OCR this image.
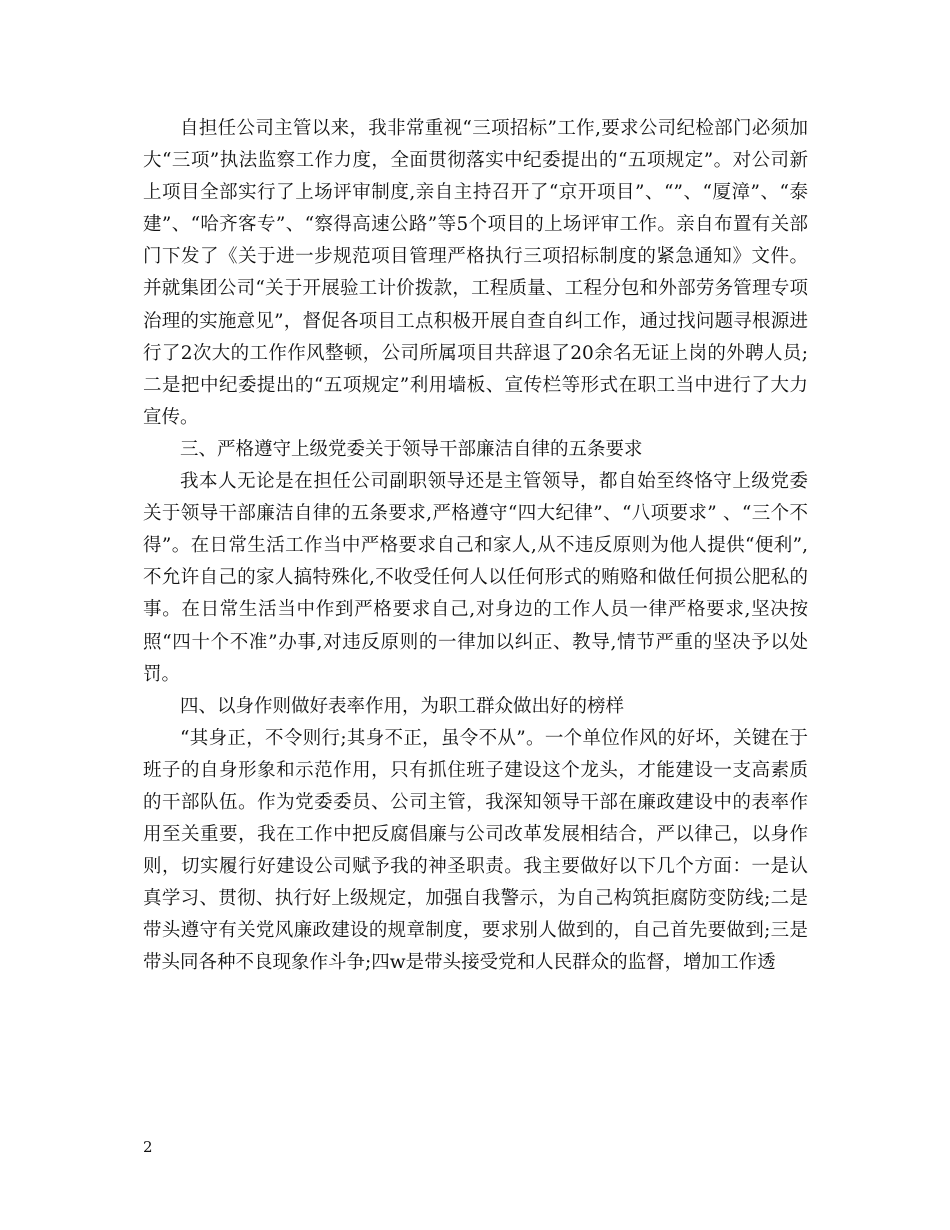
自担任公司主管以来，我非常重视“三项招标”工作,要求公司纪检部门必须加大“三项”执法监察工作力度，全面贯彻落实中纪委提出的“五项规定”。对公司新上项目全部实行了上场评审制度,亲自主持召开了“京开项目”、“”、“厦漳”、“泰建”、“哈齐客专”、“察得高速公路”等5个项目的上场评审工作。亲自布置有关部门下发了《关于进一步规范项目管理严格执行三项招标制度的紧急通知》文件。并就集团公司“关于开展验工计价拨款，工程质量、工程分包和外部劳务管理专项治理的实施意见”，督促各项目工点积极开展自查自纠工作，通过找问题寻根源进行了2次大的工作作风整顿，公司所属项目共辞退了20余名无证上岗的外聘人员;二是把中纪委提出的“五项规定”利用墙板、宣传栏等形式在职工当中进行了大力宣传。

三、严格遵守上级党委关于领导干部廉洁自律的五条要求

我本人无论是在担任公司副职领导还是主管领导，都自始至终恪守上级党委关于领导干部廉洁自律的五条要求,严格遵守“四大纪律”、“八项要求” 、“三个不得”。在日常生活工作当中严格要求自己和家人,从不违反原则为他人提供“便利”,不允许自己的家人搞特殊化,不收受任何人以任何形式的贿赂和做任何损公肥私的事。在日常生活当中作到严格要求自己,对身边的工作人员一律严格要求,坚决按照“四十个不准”办事,对违反原则的一律加以纠正、教导,情节严重的坚决予以处罚。

四、以身作则做好表率作用，为职工群众做出好的榜样

“其身正，不令则行;其身不正，虽令不从”。一个单位作风的好坏，关键在于班子的自身形象和示范作用，只有抓住班子建设这个龙头，才能建设一支高素质的干部队伍。作为党委委员、公司主管，我深知领导干部在廉政建设中的表率作用至关重要，我在工作中把反腐倡廉与公司改革发展相结合，严以律己，以身作则，切实履行好建设公司赋予我的神圣职责。我主要做好以下几个方面：一是认真学习、贯彻、执行好上级规定，加强自我警示，为自己构筑拒腐防变防线;二是带头遵守有关党风廉政建设的规章制度，要求别人做到的，自己首先要做到;三是带头同各种不良现象作斗争;四w是带头接受党和人民群众的监督，增加工作透

2
